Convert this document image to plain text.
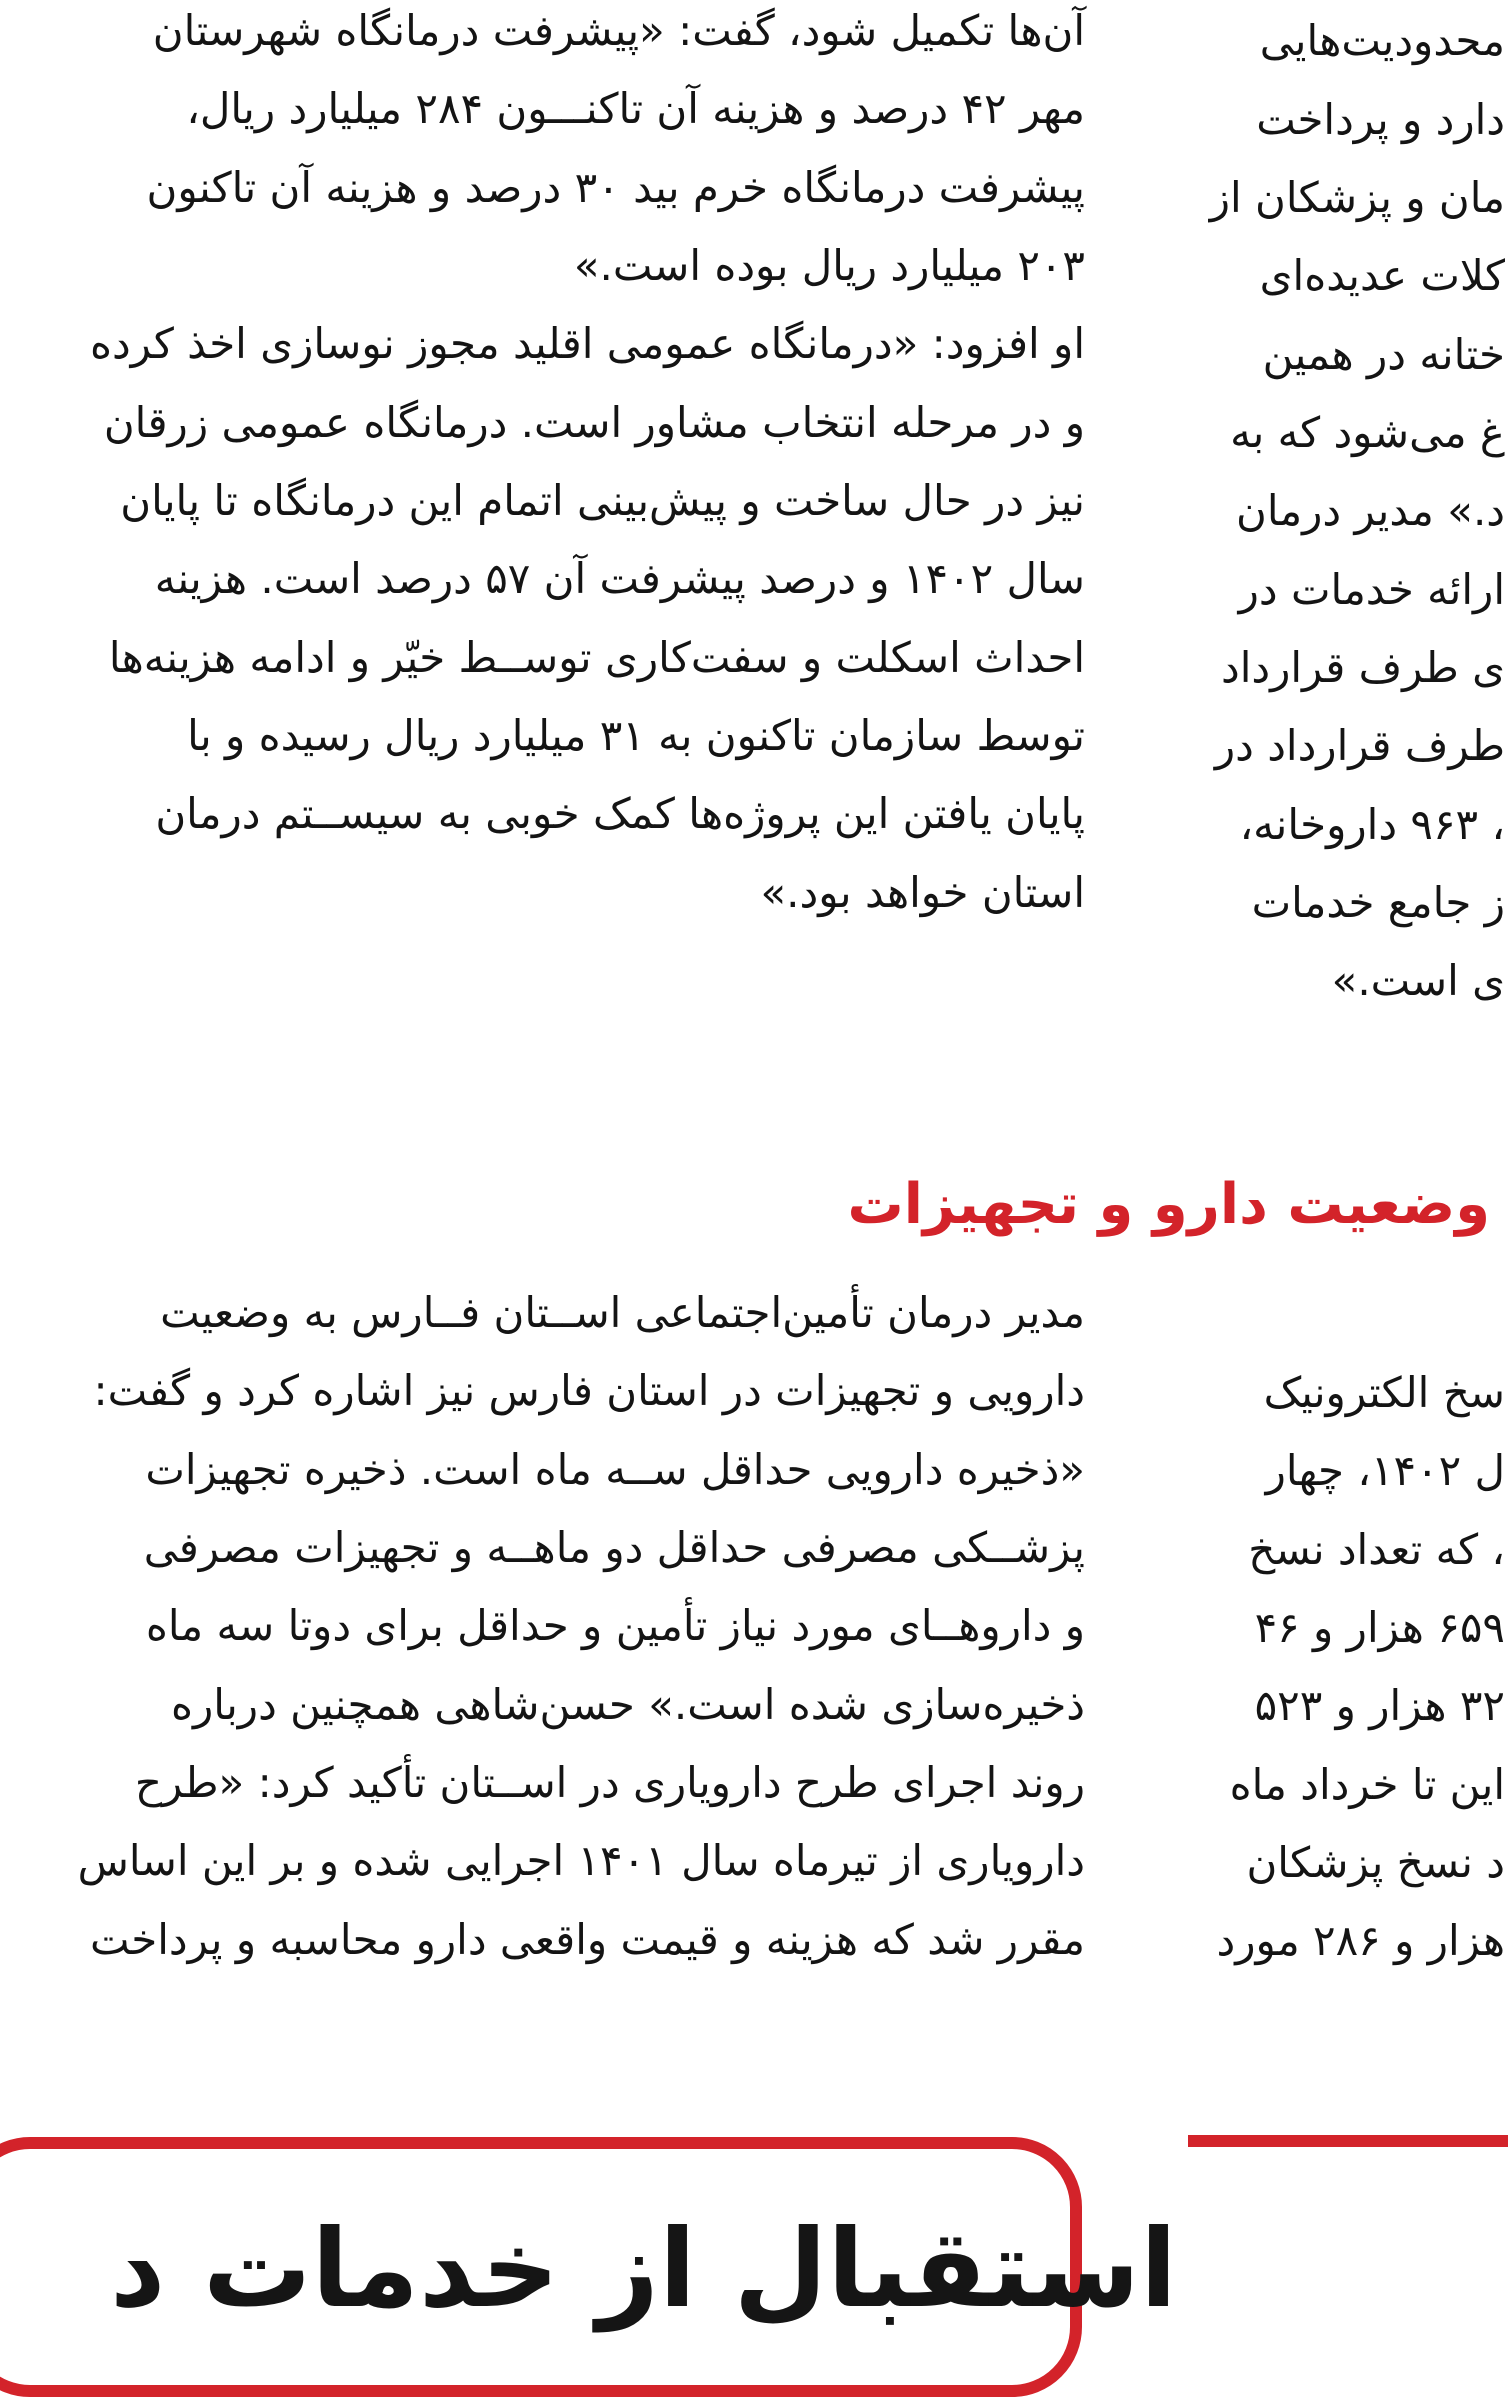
آن‌ها تکمیل شود، گفت: «پیشرفت درمانگاه شهرستان
مهر ۴۲ درصد و هزینه آن تاکنـــون ۲۸۴ میلیارد ریال،
پیشرفت درمانگاه خرم بید ۳۰ درصد و هزینه آن تاکنون
۲۰۳ میلیارد ریال بوده است.»
او افزود: «درمانگاه عمومی اقلید مجوز نوسازی اخذ کرده
و در مرحله انتخاب مشاور است. درمانگاه عمومی زرقان
نیز در حال ساخت و پیش‌بینی اتمام این درمانگاه تا پایان
سال ۱۴۰۲ و درصد پیشرفت آن ۵۷ درصد است. هزینه
احداث اسکلت و سفت‌کاری توســط خیّر و ادامه هزینه‌ها
توسط سازمان تاکنون به ۳۱ میلیارد ریال رسیده و با
پایان یافتن این پروژه‌ها کمک خوبی به سیســتم درمان
استان خواهد بود.»
مدیر درمان تأمین‌اجتماعی اســتان فــارس به وضعیت
دارویی و تجهیزات در استان فارس نیز اشاره کرد و گفت:
«ذخیره دارویی حداقل ســه ماه است. ذخیره تجهیزات
پزشــکی مصرفی حداقل دو ماهــه و تجهیزات مصرفی
و داروهــای مورد نیاز تأمین و حداقل برای دوتا سه ماه
ذخیره‌سازی شده است.» حسن‌شاهی همچنین درباره
روند اجرای طرح دارویاری در اســتان تأکید کرد: «طرح
دارویاری از تیرماه سال ۱۴۰۱ اجرایی شده و بر این اساس
مقرر شد که هزینه و قیمت واقعی دارو محاسبه و پرداخت
وضعیت دارو و تجهیزات
محدودیت‌هایی
دارد و پرداخت
مان و پزشکان از
کلات عدیده‌ای
ختانه در همین
غ می‌شود که به
د.» مدیر درمان
ارائه خدمات در
ی طرف قرارداد
طرف قرارداد در
، ۹۶۳ داروخانه،
ز جامع خدمات
ی است.»
سخ الکترونیک
ل ۱۴۰۲، چهار
، که تعداد نسخ
۶۵۹ هزار و ۴۶
۳۲ هزار و ۵۲۳
این تا خرداد ماه
د نسخ پزشکان
هزار و ۲۸۶ مورد
استقبال از خدمات د
